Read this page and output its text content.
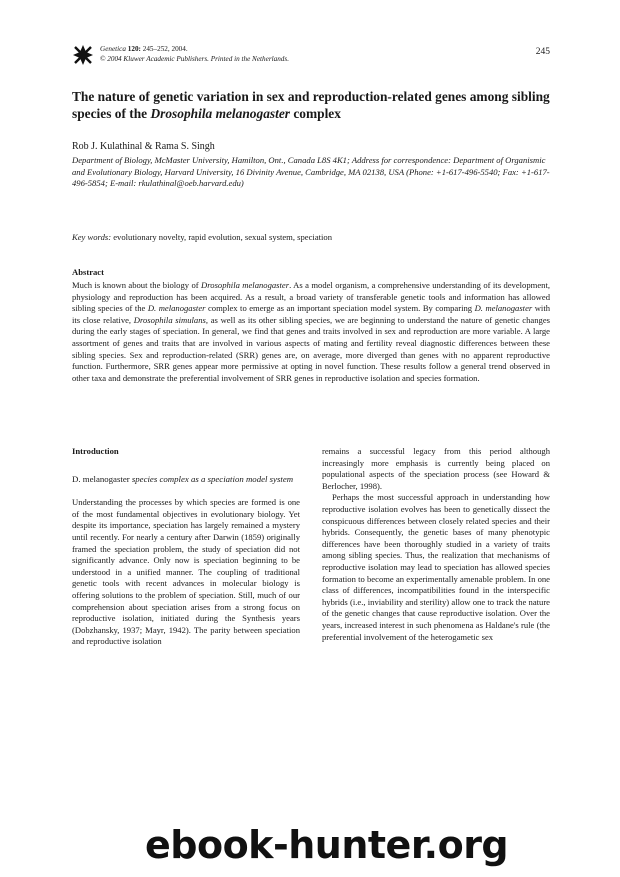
Genetica 120: 245–252, 2004.
© 2004 Kluwer Academic Publishers. Printed in the Netherlands.
245
The nature of genetic variation in sex and reproduction-related genes among sibling species of the Drosophila melanogaster complex
Rob J. Kulathinal & Rama S. Singh
Department of Biology, McMaster University, Hamilton, Ont., Canada L8S 4K1; Address for correspondence: Department of Organismic and Evolutionary Biology, Harvard University, 16 Divinity Avenue, Cambridge, MA 02138, USA (Phone: +1-617-496-5540; Fax: +1-617-496-5854; E-mail: rkulathinal@oeb.harvard.edu)
Key words: evolutionary novelty, rapid evolution, sexual system, speciation
Abstract

Much is known about the biology of Drosophila melanogaster. As a model organism, a comprehensive understanding of its development, physiology and reproduction has been acquired. As a result, a broad variety of transferable genetic tools and information has allowed sibling species of the D. melanogaster complex to emerge as an important speciation model system. By comparing D. melanogaster with its close relative, Drosophila simulans, as well as its other sibling species, we are beginning to understand the nature of genetic changes during the early stages of speciation. In general, we find that genes and traits involved in sex and reproduction are more variable. A large assortment of genes and traits that are involved in various aspects of mating and fertility reveal diagnostic differences between these sibling species. Sex and reproduction-related (SRR) genes are, on average, more diverged than genes with no apparent reproductive function. Furthermore, SRR genes appear more permissive at opting in novel function. These results follow a general trend observed in other taxa and demonstrate the preferential involvement of SRR genes in reproductive isolation and species formation.

Introduction
D. melanogaster species complex as a speciation model system

Understanding the processes by which species are formed is one of the most fundamental objectives in evolutionary biology. Yet despite its importance, speciation has largely remained a mystery until recently. For nearly a century after Darwin (1859) originally framed the speciation problem, the study of speciation did not significantly advance. Only now is speciation beginning to be understood in a unified manner. The coupling of traditional genetic tools with recent advances in molecular biology is offering solutions to the problem of speciation. Still, much of our comprehension about speciation arises from a strong focus on reproductive isolation, initiated during the Synthesis years (Dobzhansky, 1937; Mayr, 1942). The parity between speciation and reproductive isolation

remains a successful legacy from this period although increasingly more emphasis is currently being placed on populational aspects of the speciation process (see Howard & Berlocher, 1998).

Perhaps the most successful approach in understanding how reproductive isolation evolves has been to genetically dissect the conspicuous differences between closely related species and their hybrids. Consequently, the genetic bases of many phenotypic differences have been thoroughly studied in a variety of traits among sibling species. Thus, the realization that mechanisms of reproductive isolation may lead to speciation has allowed species formation to become an experimentally amenable problem. In one class of differences, incompatibilities found in the interspecific hybrids (i.e., inviability and sterility) allow one to track the nature of the genetic changes that cause reproductive isolation. Over the years, increased interest in such phenomena as Haldane's rule (the preferential involvement of the heterogametic sex

ebook-hunter.org
